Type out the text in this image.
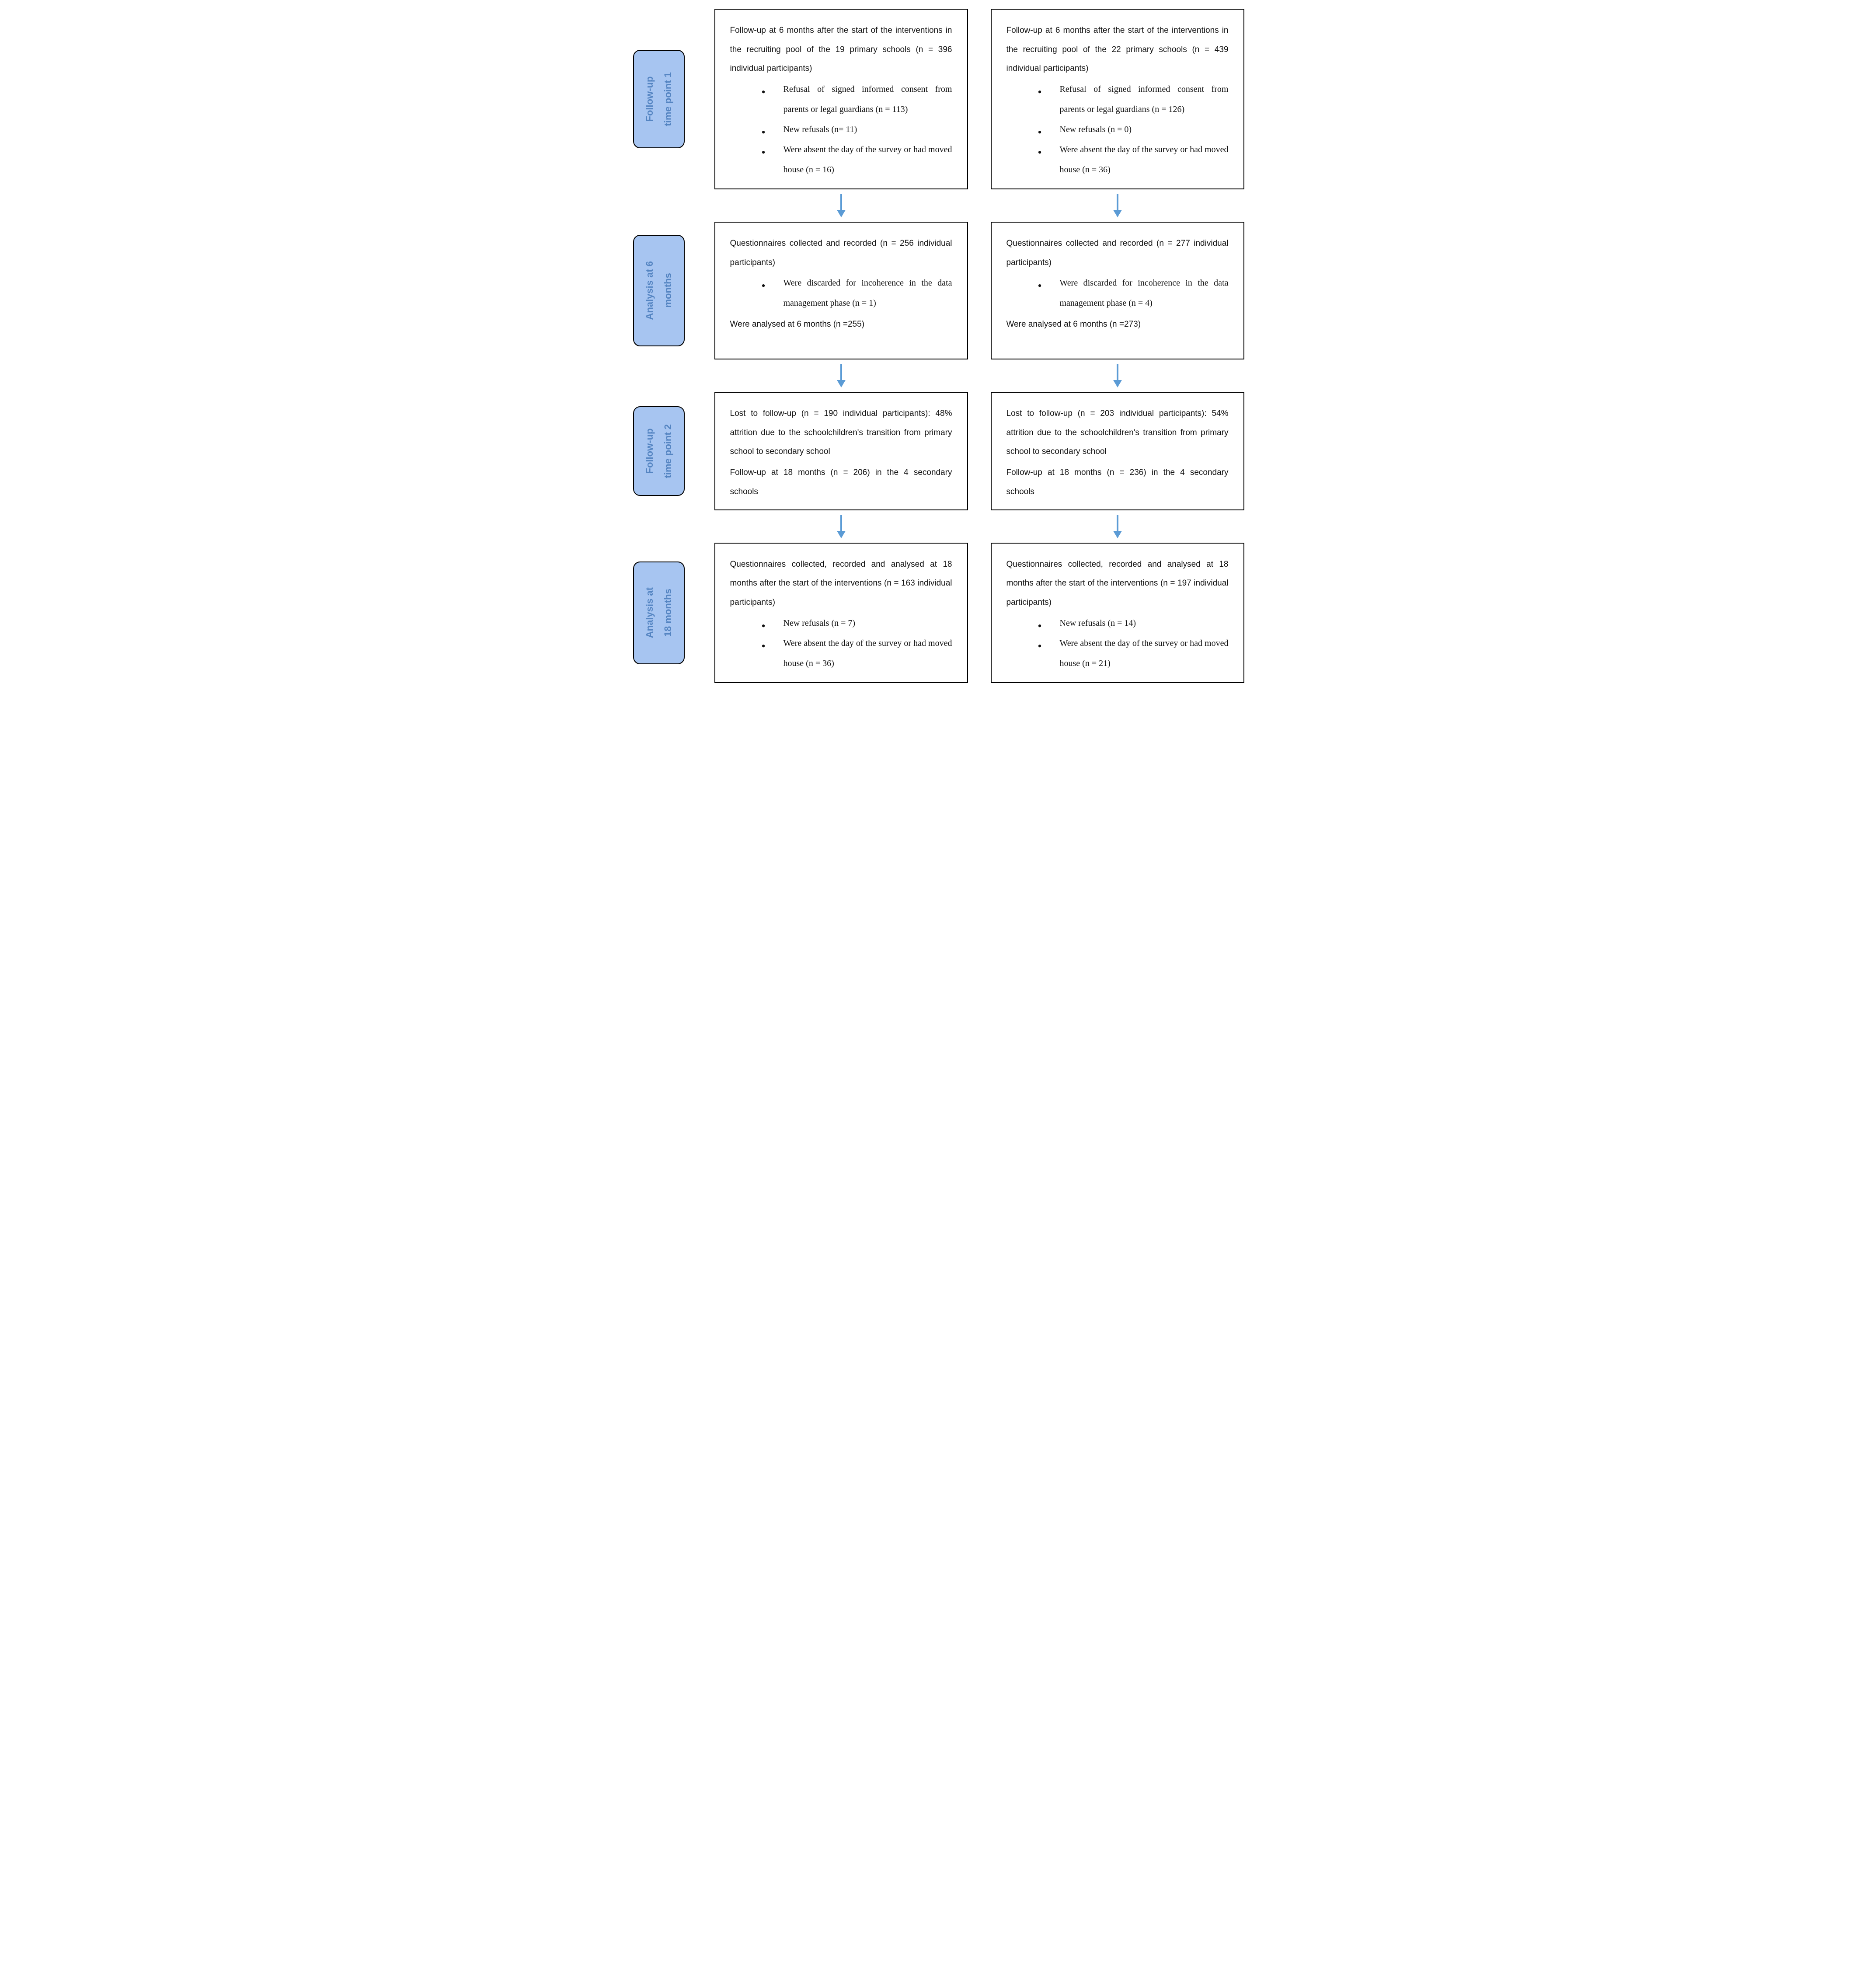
Follow-up time point 1

Follow-up at 6 months after the start of the interventions in the recruiting pool of the 19 primary schools (n = 396 individual participants)

• Refusal of signed informed consent from parents or legal guardians (n = 113)
• New refusals (n= 11)
• Were absent the day of the survey or had moved house (n = 16)

Follow-up at 6 months after the start of the interventions in the recruiting pool of the 22 primary schools (n = 439 individual participants)

• Refusal of signed informed consent from parents or legal guardians (n = 126)
• New refusals (n = 0)
• Were absent the day of the survey or had moved house (n = 36)
Analysis at 6 months

Questionnaires collected and recorded (n = 256 individual participants)

• Were discarded for incoherence in the data management phase (n = 1)

Were analysed at 6 months (n =255)

Questionnaires collected and recorded (n = 277 individual participants)

• Were discarded for incoherence in the data management phase (n = 4)

Were analysed at 6 months (n =273)

Follow-up time point 2

Lost to follow-up (n = 190 individual participants): 48% attrition due to the schoolchildren's transition from primary school to secondary school

Follow-up at 18 months (n = 206) in the 4 secondary schools

Lost to follow-up (n = 203 individual participants): 54% attrition due to the schoolchildren's transition from primary school to secondary school

Follow-up at 18 months (n = 236) in the 4 secondary schools

Analysis at 18 months

Questionnaires collected, recorded and analysed at 18 months after the start of the interventions (n = 163 individual participants)

• New refusals (n = 7)
• Were absent the day of the survey or had moved house (n = 36)

Questionnaires collected, recorded and analysed at 18 months after the start of the interventions (n = 197 individual participants)

• New refusals (n = 14)
• Were absent the day of the survey or had moved house (n = 21)
